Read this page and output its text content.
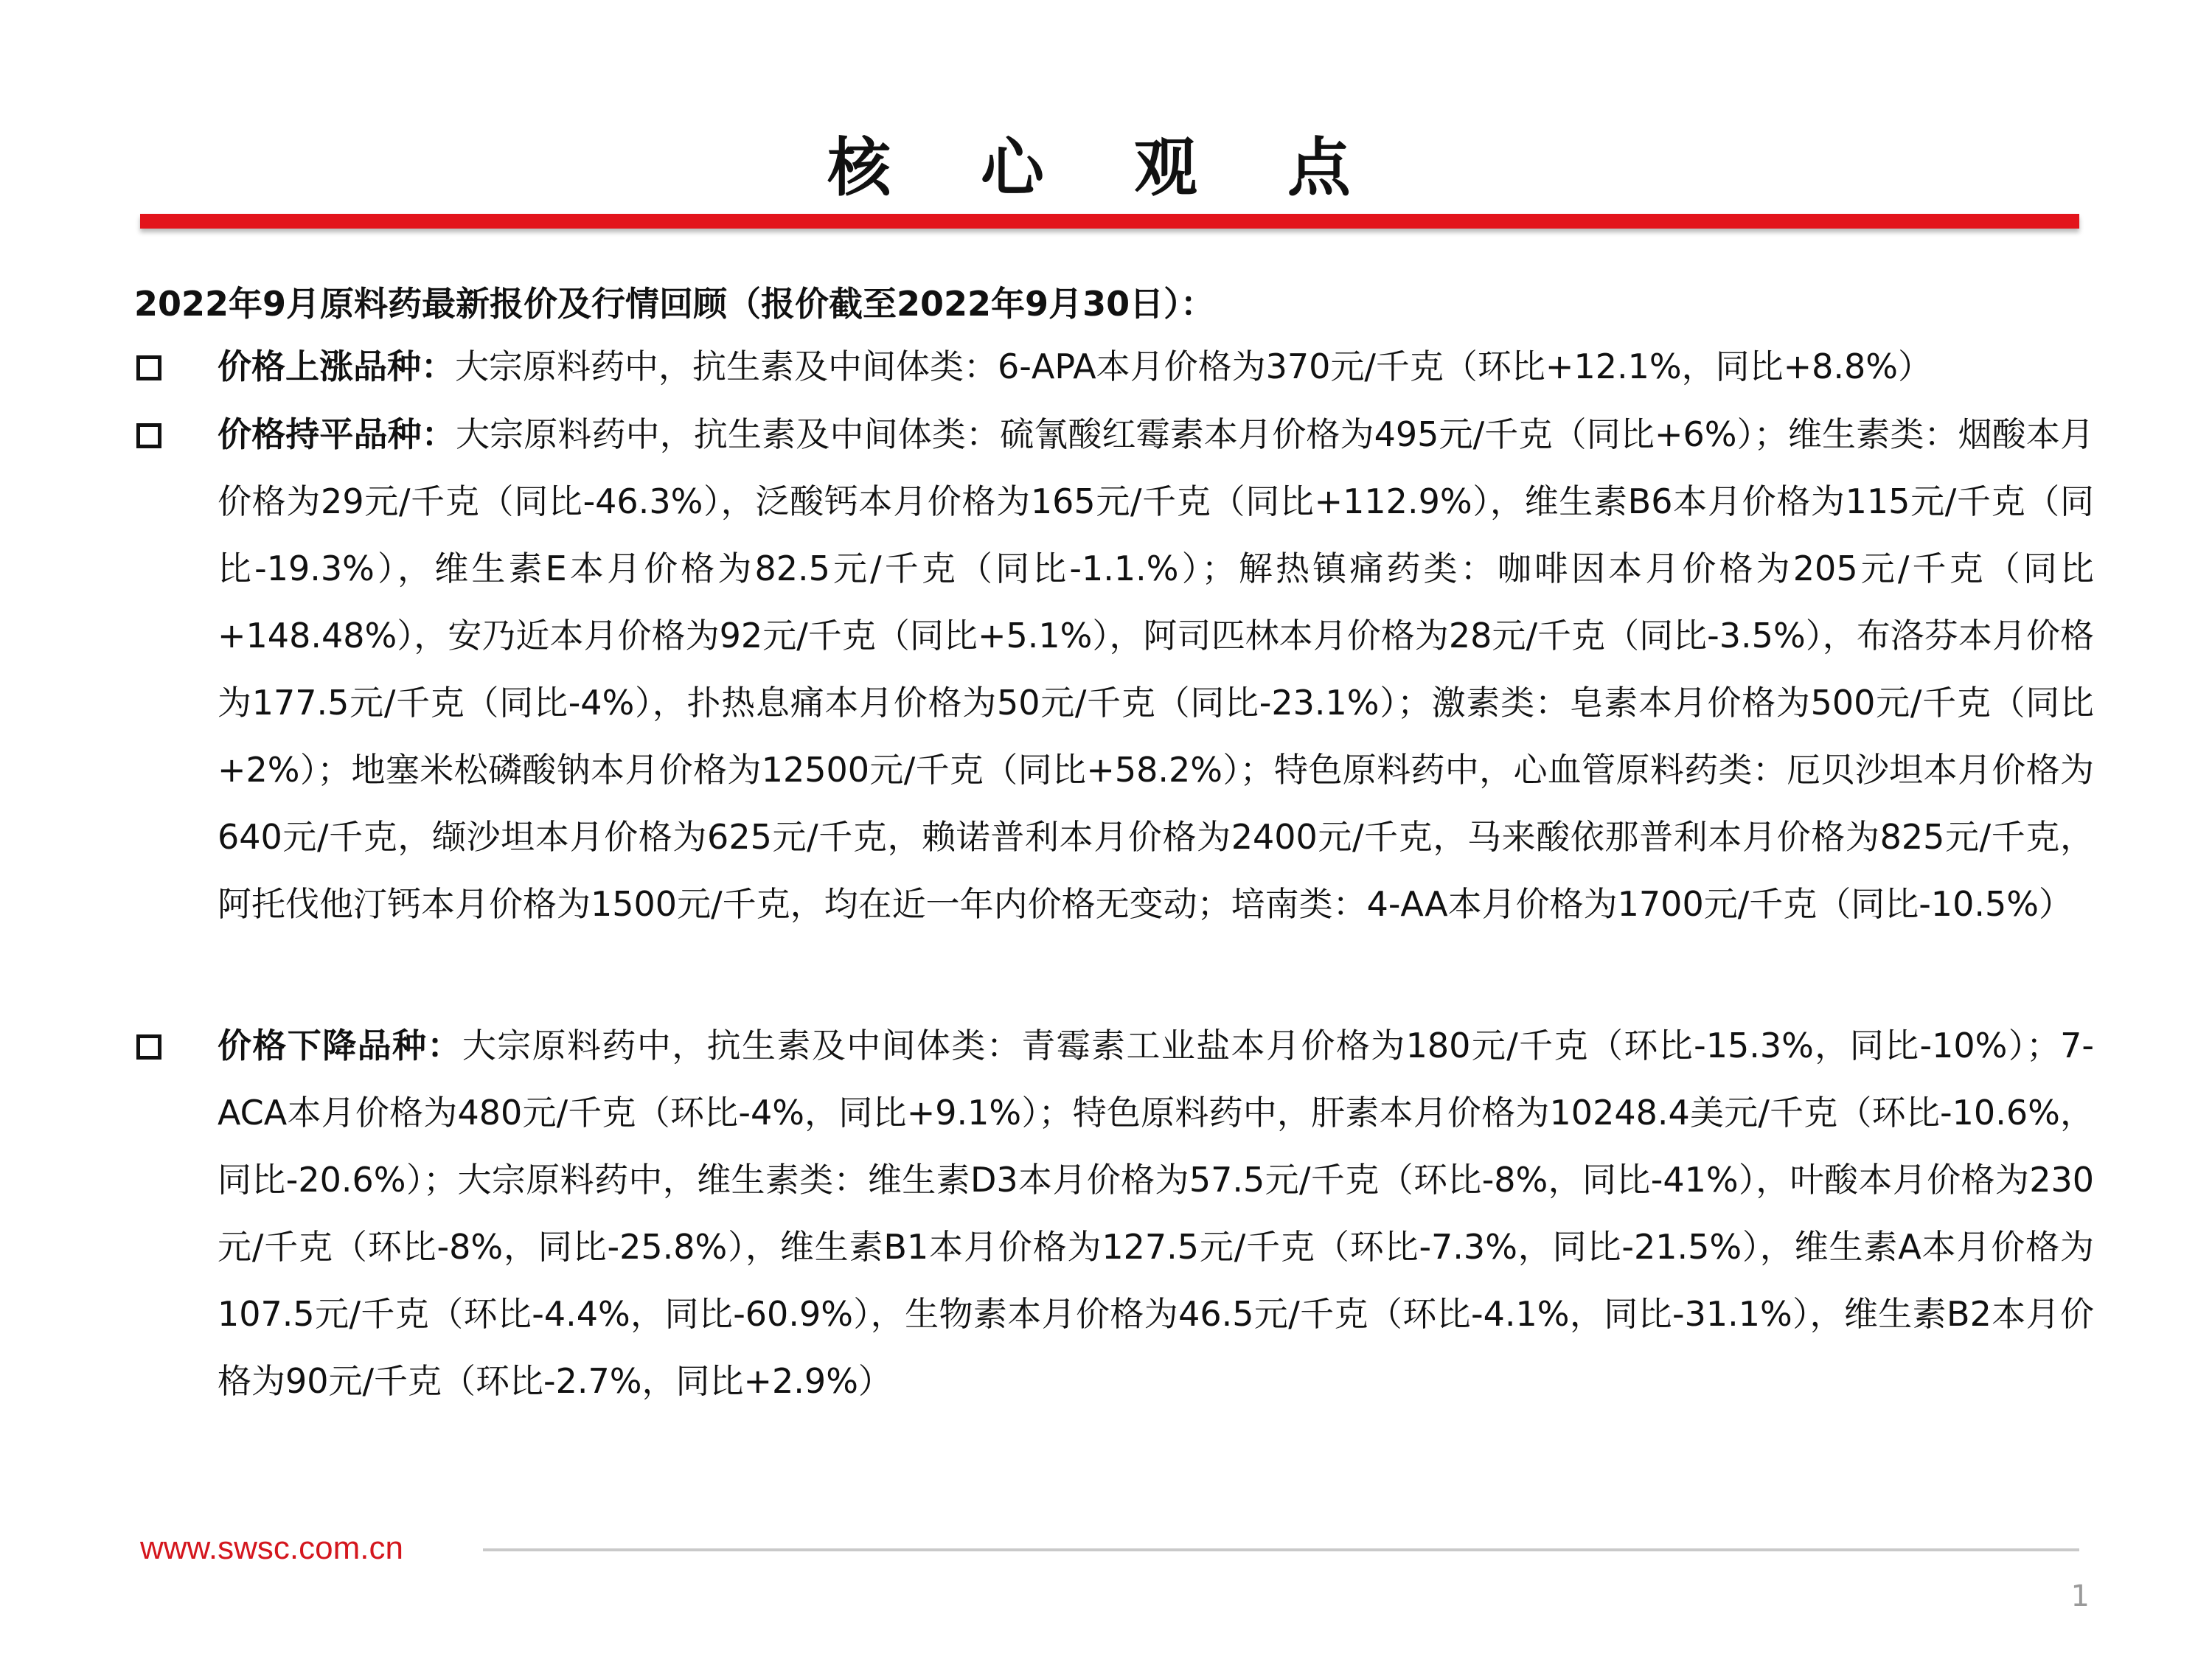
核 心 观 点
2022年9月原料药最新报价及行情回顾（报价截至2022年9月30日）：
价格上涨品种：大宗原料药中，抗生素及中间体类：6-APA本月价格为370元/千克（环比+12.1%，同比+8.8%）
价格持平品种：大宗原料药中，抗生素及中间体类：硫氰酸红霉素本月价格为495元/千克（同比+6%）；维生素类：烟酸本月价格为29元/千克（同比-46.3%），泛酸钙本月价格为165元/千克（同比+112.9%），维生素B6本月价格为115元/千克（同比-19.3%），维生素E本月价格为82.5元/千克（同比-1.1.%）；解热镇痛药类：咖啡因本月价格为205元/千克（同比+148.48%），安乃近本月价格为92元/千克（同比+5.1%），阿司匹林本月价格为28元/千克（同比-3.5%），布洛芬本月价格为177.5元/千克（同比-4%），扑热息痛本月价格为50元/千克（同比-23.1%）；激素类：皂素本月价格为500元/千克（同比+2%）；地塞米松磷酸钠本月价格为12500元/千克（同比+58.2%）；特色原料药中，心血管原料药类：厄贝沙坦本月价格为640元/千克，缬沙坦本月价格为625元/千克，赖诺普利本月价格为2400元/千克，马来酸依那普利本月价格为825元/千克，阿托伐他汀钙本月价格为1500元/千克，均在近一年内价格无变动；培南类：4-AA本月价格为1700元/千克（同比-10.5%）
价格下降品种：大宗原料药中，抗生素及中间体类：青霉素工业盐本月价格为180元/千克（环比-15.3%，同比-10%）；7-ACA本月价格为480元/千克（环比-4%，同比+9.1%）；特色原料药中，肝素本月价格为10248.4美元/千克（环比-10.6%，同比-20.6%）；大宗原料药中，维生素类：维生素D3本月价格为57.5元/千克（环比-8%，同比-41%），叶酸本月价格为230元/千克（环比-8%，同比-25.8%），维生素B1本月价格为127.5元/千克（环比-7.3%，同比-21.5%），维生素A本月价格为107.5元/千克（环比-4.4%，同比-60.9%），生物素本月价格为46.5元/千克（环比-4.1%，同比-31.1%），维生素B2本月价格为90元/千克（环比-2.7%，同比+2.9%）
www.swsc.com.cn
1
